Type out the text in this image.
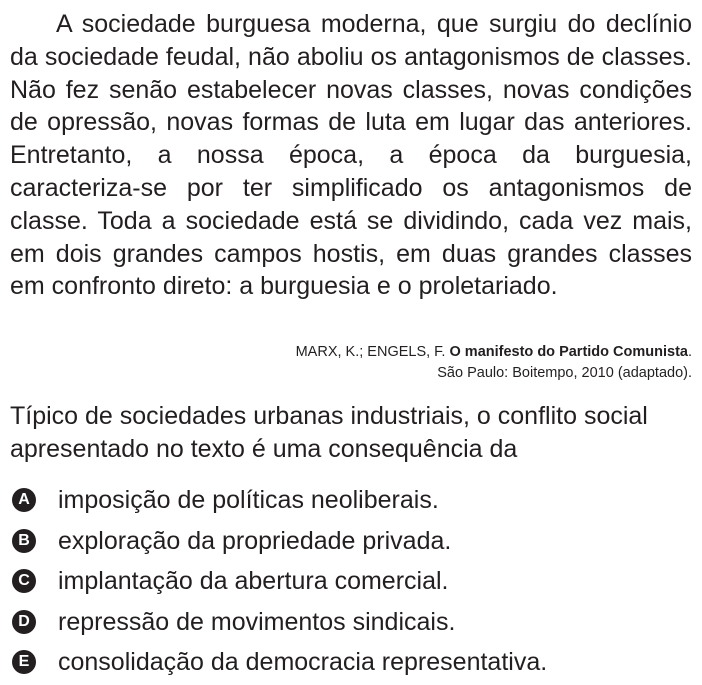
A sociedade burguesa moderna, que surgiu do declínio da sociedade feudal, não aboliu os antagonismos de classes. Não fez senão estabelecer novas classes, novas condições de opressão, novas formas de luta em lugar das anteriores. Entretanto, a nossa época, a época da burguesia, caracteriza-se por ter simplificado os antagonismos de classe. Toda a sociedade está se dividindo, cada vez mais, em dois grandes campos hostis, em duas grandes classes em confronto direto: a burguesia e o proletariado.

MARX, K.; ENGELS, F. O manifesto do Partido Comunista.
São Paulo: Boitempo, 2010 (adaptado).

Típico de sociedades urbanas industriais, o conflito social apresentado no texto é uma consequência da

A imposição de políticas neoliberais.
B exploração da propriedade privada.
C implantação da abertura comercial.
D repressão de movimentos sindicais.
E consolidação da democracia representativa.
